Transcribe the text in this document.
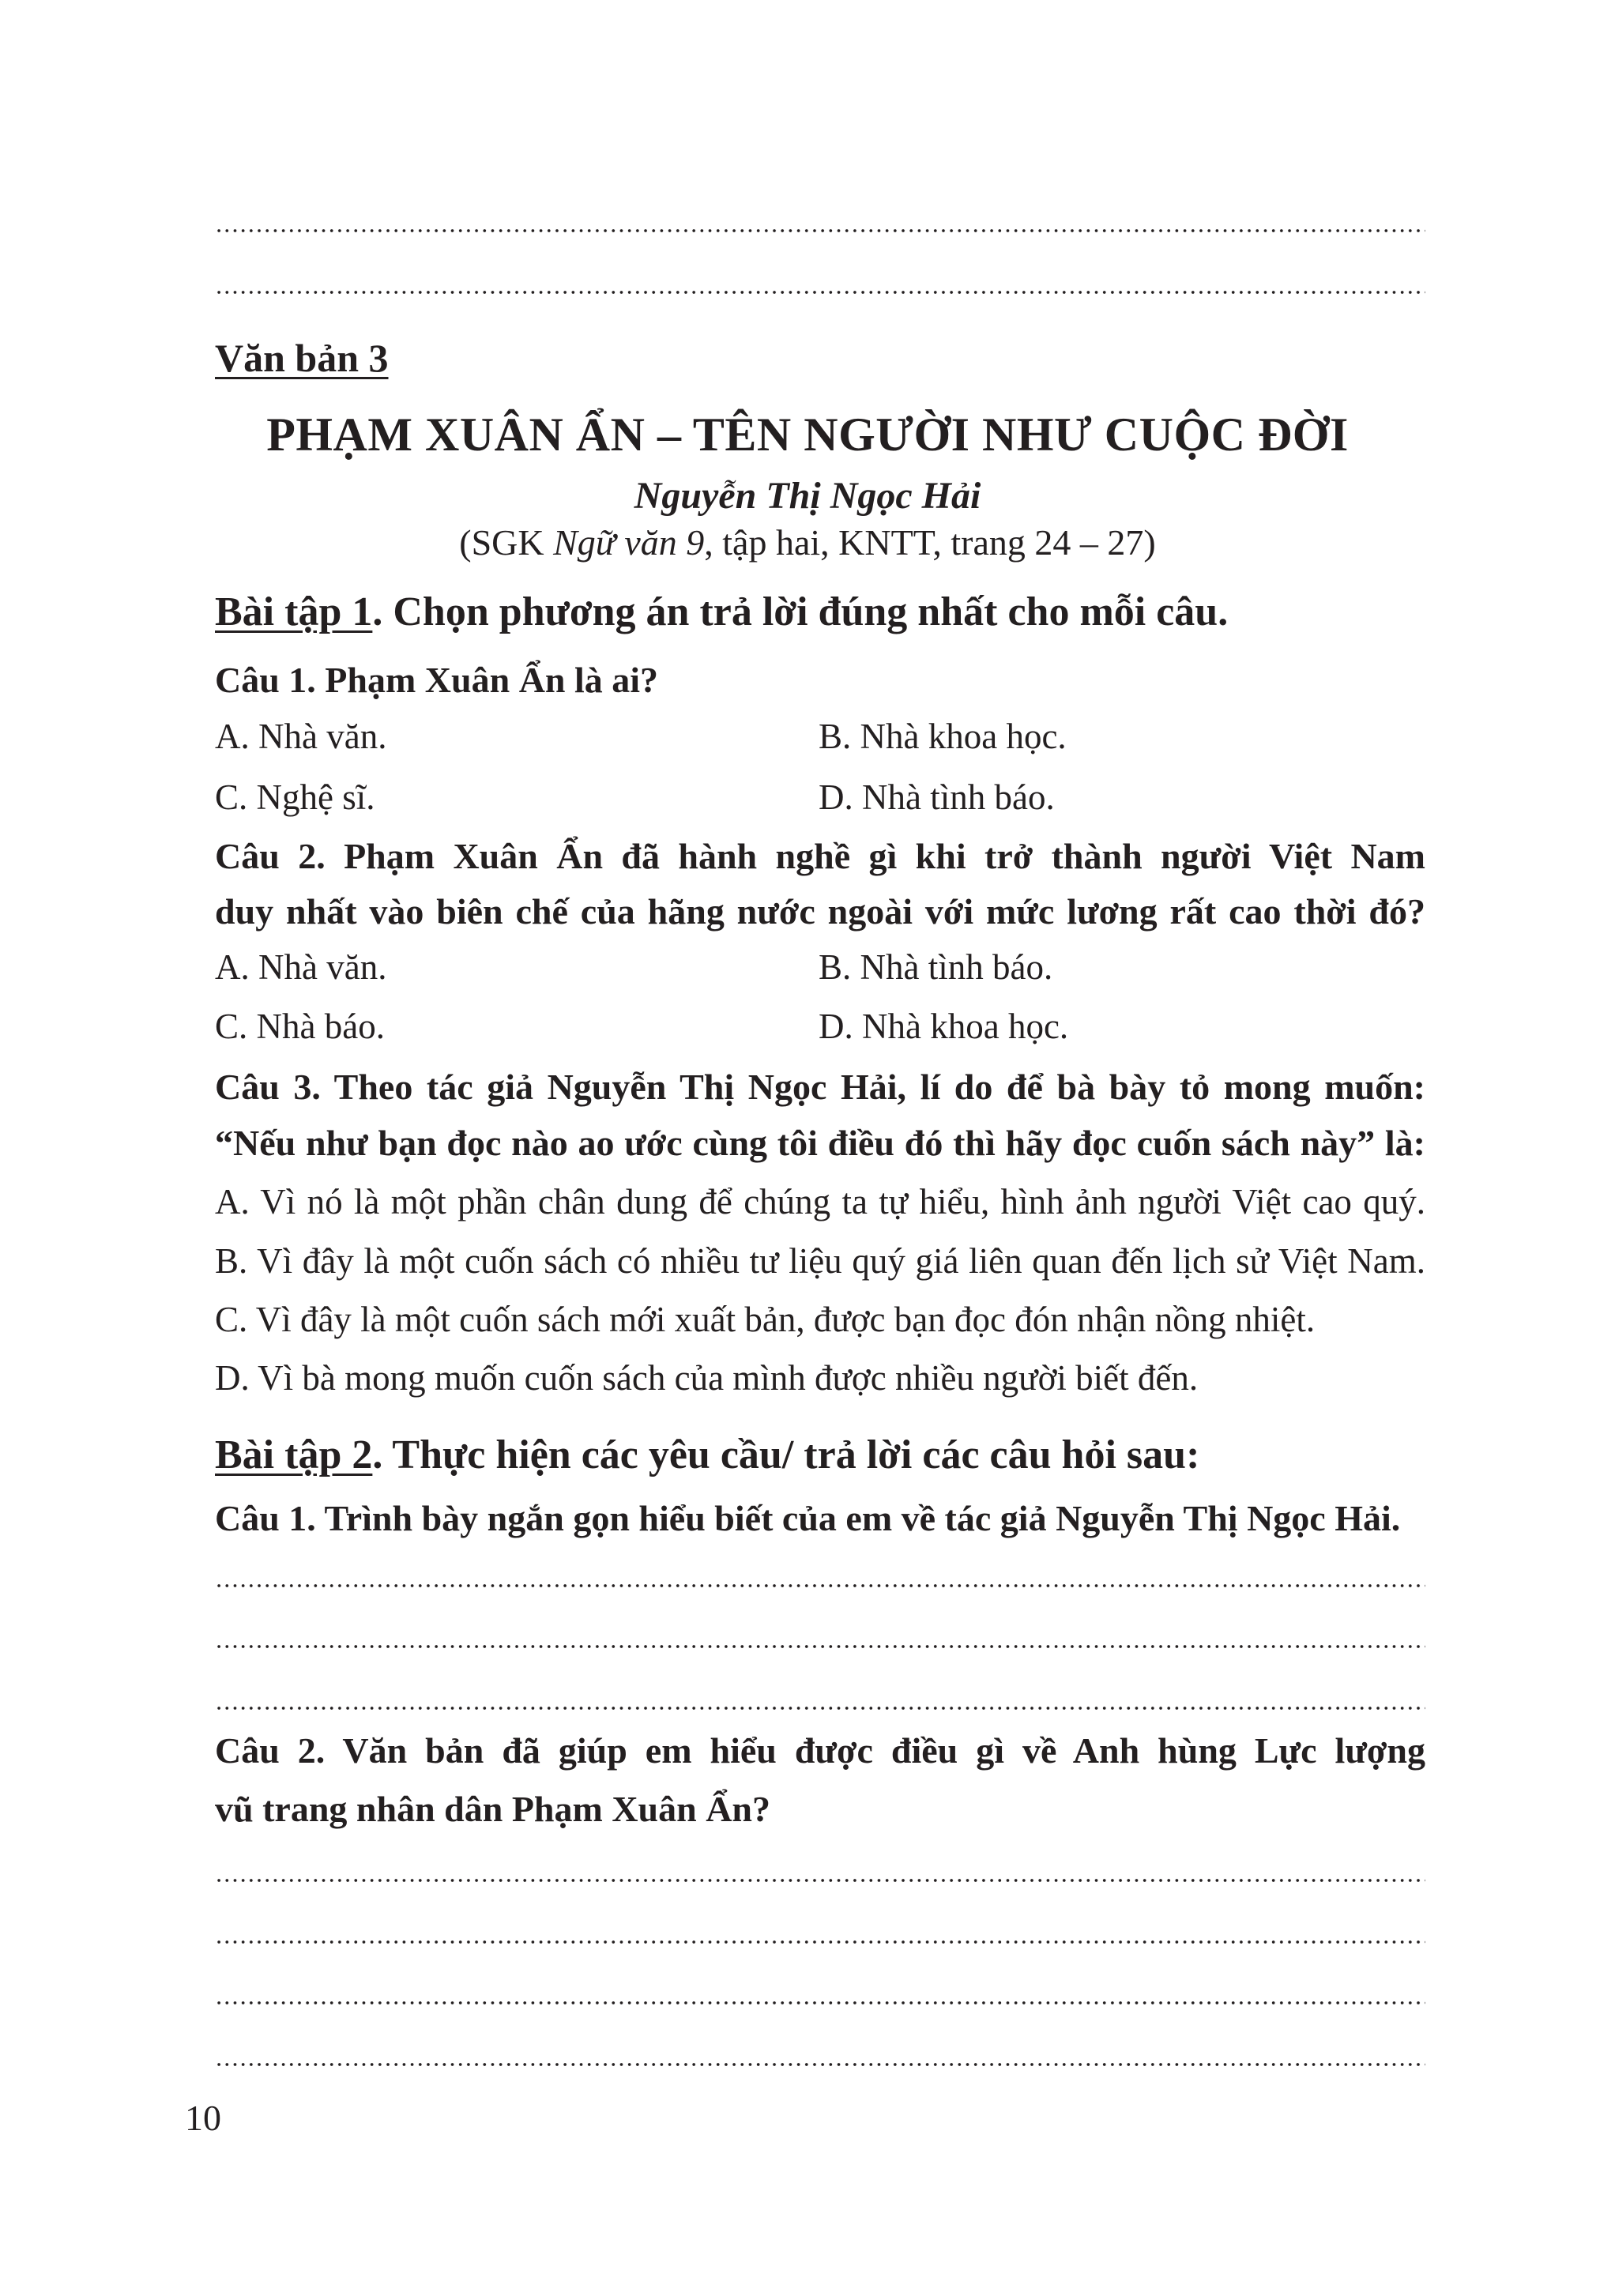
Văn bản 3
PHẠM XUÂN ẨN – TÊN NGƯỜI NHƯ CUỘC ĐỜI
Nguyễn Thị Ngọc Hải
(SGK Ngữ văn 9, tập hai, KNTT, trang 24 – 27)
Bài tập 1. Chọn phương án trả lời đúng nhất cho mỗi câu.
Câu 1. Phạm Xuân Ẩn là ai?
A. Nhà văn.	B. Nhà khoa học.
C. Nghệ sĩ.	D. Nhà tình báo.
Câu 2. Phạm Xuân Ẩn đã hành nghề gì khi trở thành người Việt Nam
duy nhất vào biên chế của hãng nước ngoài với mức lương rất cao thời đó?
A. Nhà văn.	B. Nhà tình báo.
C. Nhà báo.	D. Nhà khoa học.
Câu 3. Theo tác giả Nguyễn Thị Ngọc Hải, lí do để bà bày tỏ mong muốn:
“Nếu như bạn đọc nào ao ước cùng tôi điều đó thì hãy đọc cuốn sách này” là:
A. Vì nó là một phần chân dung để chúng ta tự hiểu, hình ảnh người Việt cao quý.
B. Vì đây là một cuốn sách có nhiều tư liệu quý giá liên quan đến lịch sử Việt Nam.
C. Vì đây là một cuốn sách mới xuất bản, được bạn đọc đón nhận nồng nhiệt.
D. Vì bà mong muốn cuốn sách của mình được nhiều người biết đến.
Bài tập 2. Thực hiện các yêu cầu/ trả lời các câu hỏi sau:
Câu 1. Trình bày ngắn gọn hiểu biết của em về tác giả Nguyễn Thị Ngọc Hải.
Câu 2. Văn bản đã giúp em hiểu được điều gì về Anh hùng Lực lượng
vũ trang nhân dân Phạm Xuân Ẩn?
10
